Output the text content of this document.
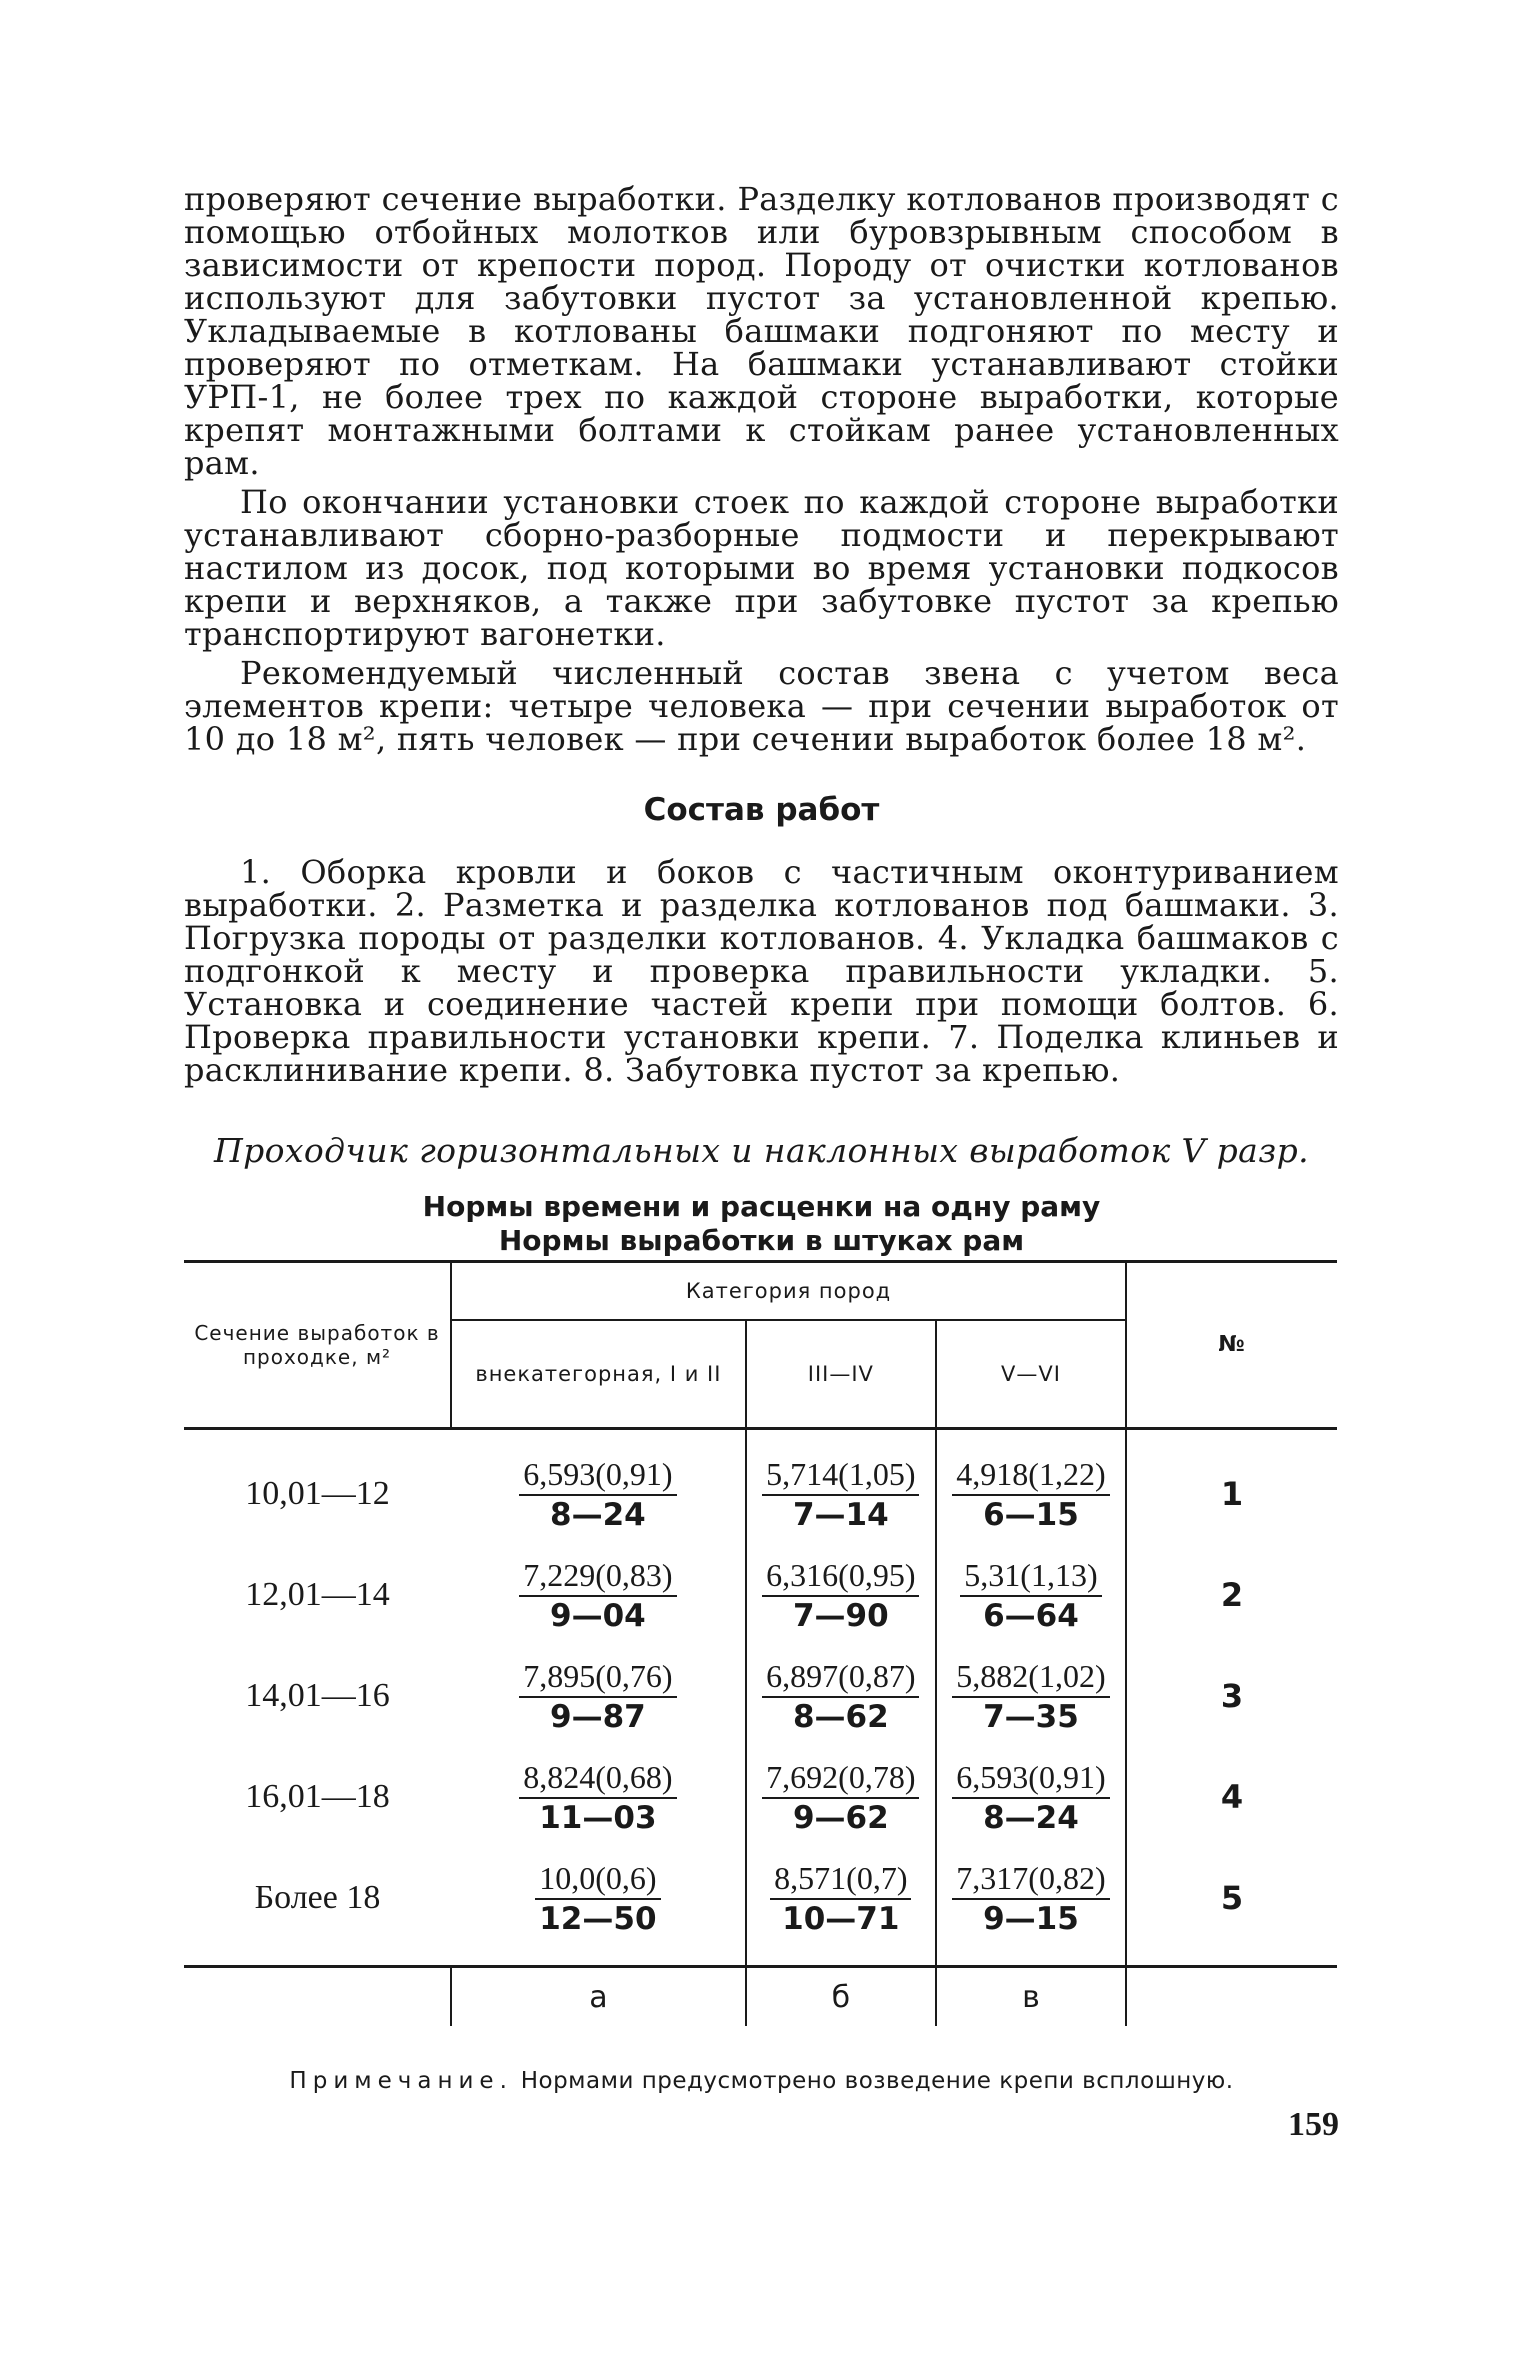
проверяют сечение выработки. Разделку котлованов производят с помощью отбойных молотков или буровзрывным способом в зависимости от крепости пород. Породу от очистки котлованов используют для забутовки пустот за установленной крепью. Укладываемые в котлованы башмаки подгоняют по месту и проверяют по отметкам. На башмаки устанавливают стойки УРП-1, не более трех по каждой стороне выработки, которые крепят монтажными болтами к стойкам ранее установленных рам.

По окончании установки стоек по каждой стороне выработки устанавливают сборно-разборные подмости и перекрывают настилом из досок, под которыми во время установки подкосов крепи и верхняков, а также при забутовке пустот за крепью транспортируют вагонетки.

Рекомендуемый численный состав звена с учетом веса элементов крепи: четыре человека — при сечении выработок от 10 до 18 м², пять человек — при сечении выработок более 18 м².

Состав работ

1. Оборка кровли и боков с частичным оконтуриванием выработки. 2. Разметка и разделка котлованов под башмаки. 3. Погрузка породы от разделки котлованов. 4. Укладка башмаков с подгонкой к месту и проверка правильности укладки. 5. Установка и соединение частей крепи при помощи болтов. 6. Проверка правильности установки крепи. 7. Поделка клиньев и расклинивание крепи. 8. Забутовка пустот за крепью.

Проходчик горизонтальных и наклонных выработок V разр.

Нормы времени и расценки на одну раму

Нормы выработки в штуках рам

Сечение выработок в проходке, м²	Категория пород			№
	внекатегорная, I и II	III—IV	V—VI	
10,01—12	$\frac{6,593(0,91)}{8—24}$	$\frac{5,714(1,05)}{7—14}$	$\frac{4,918(1,22)}{6—15}$	1
12,01—14	$\frac{7,229(0,83)}{9—04}$	$\frac{6,316(0,95)}{7—90}$	$\frac{5,31(1,13)}{6—64}$	2
14,01—16	$\frac{7,895(0,76)}{9—87}$	$\frac{6,897(0,87)}{8—62}$	$\frac{5,882(1,02)}{7—35}$	3
16,01—18	$\frac{8,824(0,68)}{11—03}$	$\frac{7,692(0,78)}{9—62}$	$\frac{6,593(0,91)}{8—24}$	4
Более 18	$\frac{10,0(0,6)}{12—50}$	$\frac{8,571(0,7)}{10—71}$	$\frac{7,317(0,82)}{9—15}$	5
	а	б	в	

Примечание. Нормами предусмотрено возведение крепи всплошную.

159
